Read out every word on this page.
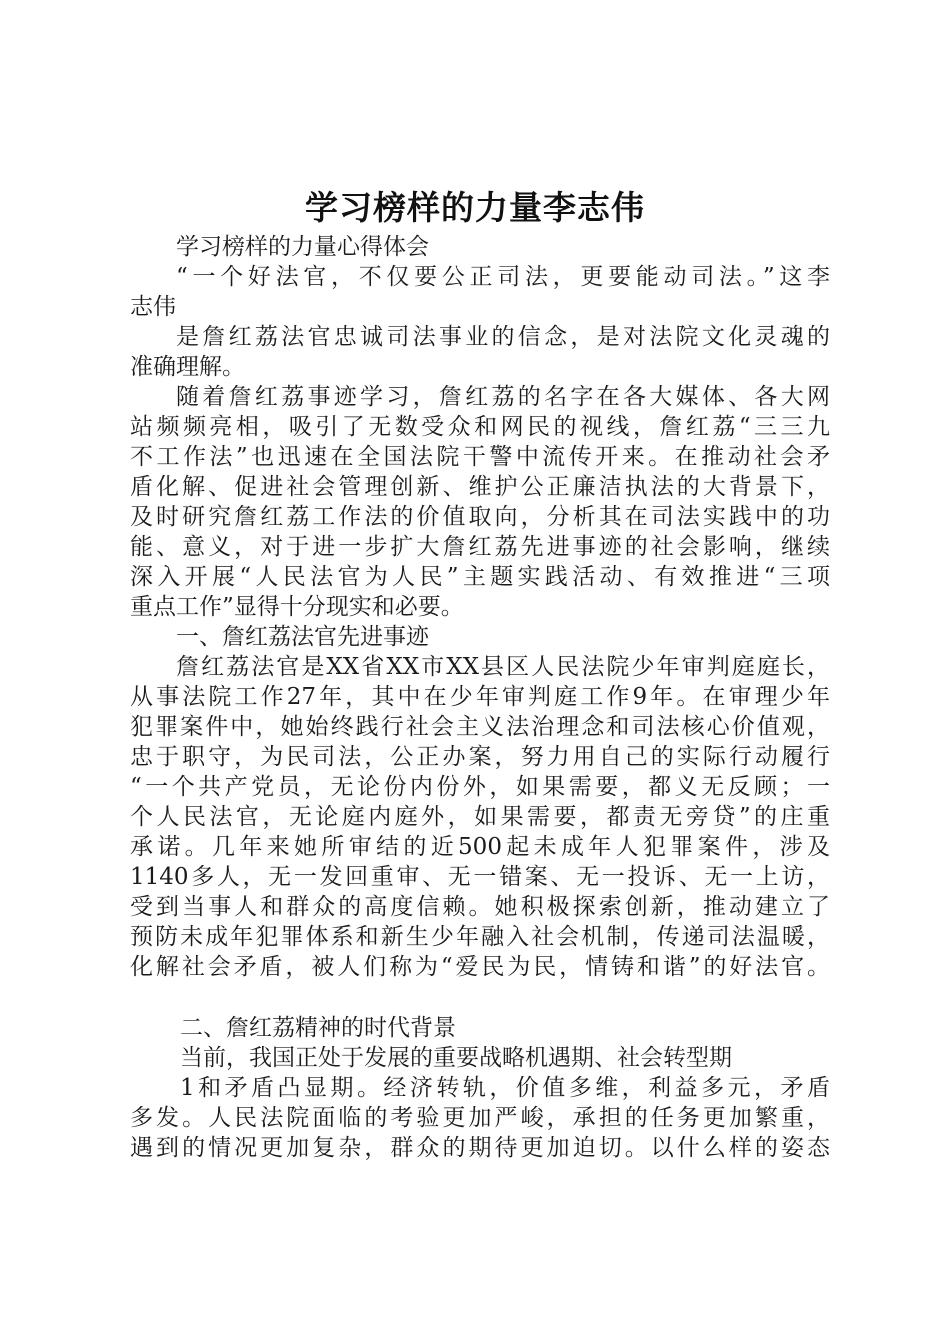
学习榜样的力量李志伟
学习榜样的力量心得体会
“一个好法官，不仅要公正司法，更要能动司法。”这李
志伟
是詹红荔法官忠诚司法事业的信念，是对法院文化灵魂的
准确理解。
随着詹红荔事迹学习，詹红荔的名字在各大媒体、各大网
站频频亮相，吸引了无数受众和网民的视线，詹红荔“三三九
不工作法”也迅速在全国法院干警中流传开来。在推动社会矛
盾化解、促进社会管理创新、维护公正廉洁执法的大背景下，
及时研究詹红荔工作法的价值取向，分析其在司法实践中的功
能、意义，对于进一步扩大詹红荔先进事迹的社会影响，继续
深入开展“人民法官为人民”主题实践活动、有效推进“三项
重点工作”显得十分现实和必要。
一、詹红荔法官先进事迹
詹红荔法官是XX省XX市XX县区人民法院少年审判庭庭长，
从事法院工作27年，其中在少年审判庭工作9年。在审理少年
犯罪案件中，她始终践行社会主义法治理念和司法核心价值观，
忠于职守，为民司法，公正办案，努力用自己的实际行动履行
“一个共产党员，无论份内份外，如果需要，都义无反顾；一
个人民法官，无论庭内庭外，如果需要，都责无旁贷”的庄重
承诺。几年来她所审结的近500起未成年人犯罪案件，涉及
1140多人，无一发回重审、无一错案、无一投诉、无一上访，
受到当事人和群众的高度信赖。她积极探索创新，推动建立了
预防未成年犯罪体系和新生少年融入社会机制，传递司法温暖，
化解社会矛盾，被人们称为“爱民为民，情铸和谐”的好法官。
二、詹红荔精神的时代背景
当前，我国正处于发展的重要战略机遇期、社会转型期
1和矛盾凸显期。经济转轨，价值多维，利益多元，矛盾
多发。人民法院面临的考验更加严峻，承担的任务更加繁重，
遇到的情况更加复杂，群众的期待更加迫切。以什么样的姿态
